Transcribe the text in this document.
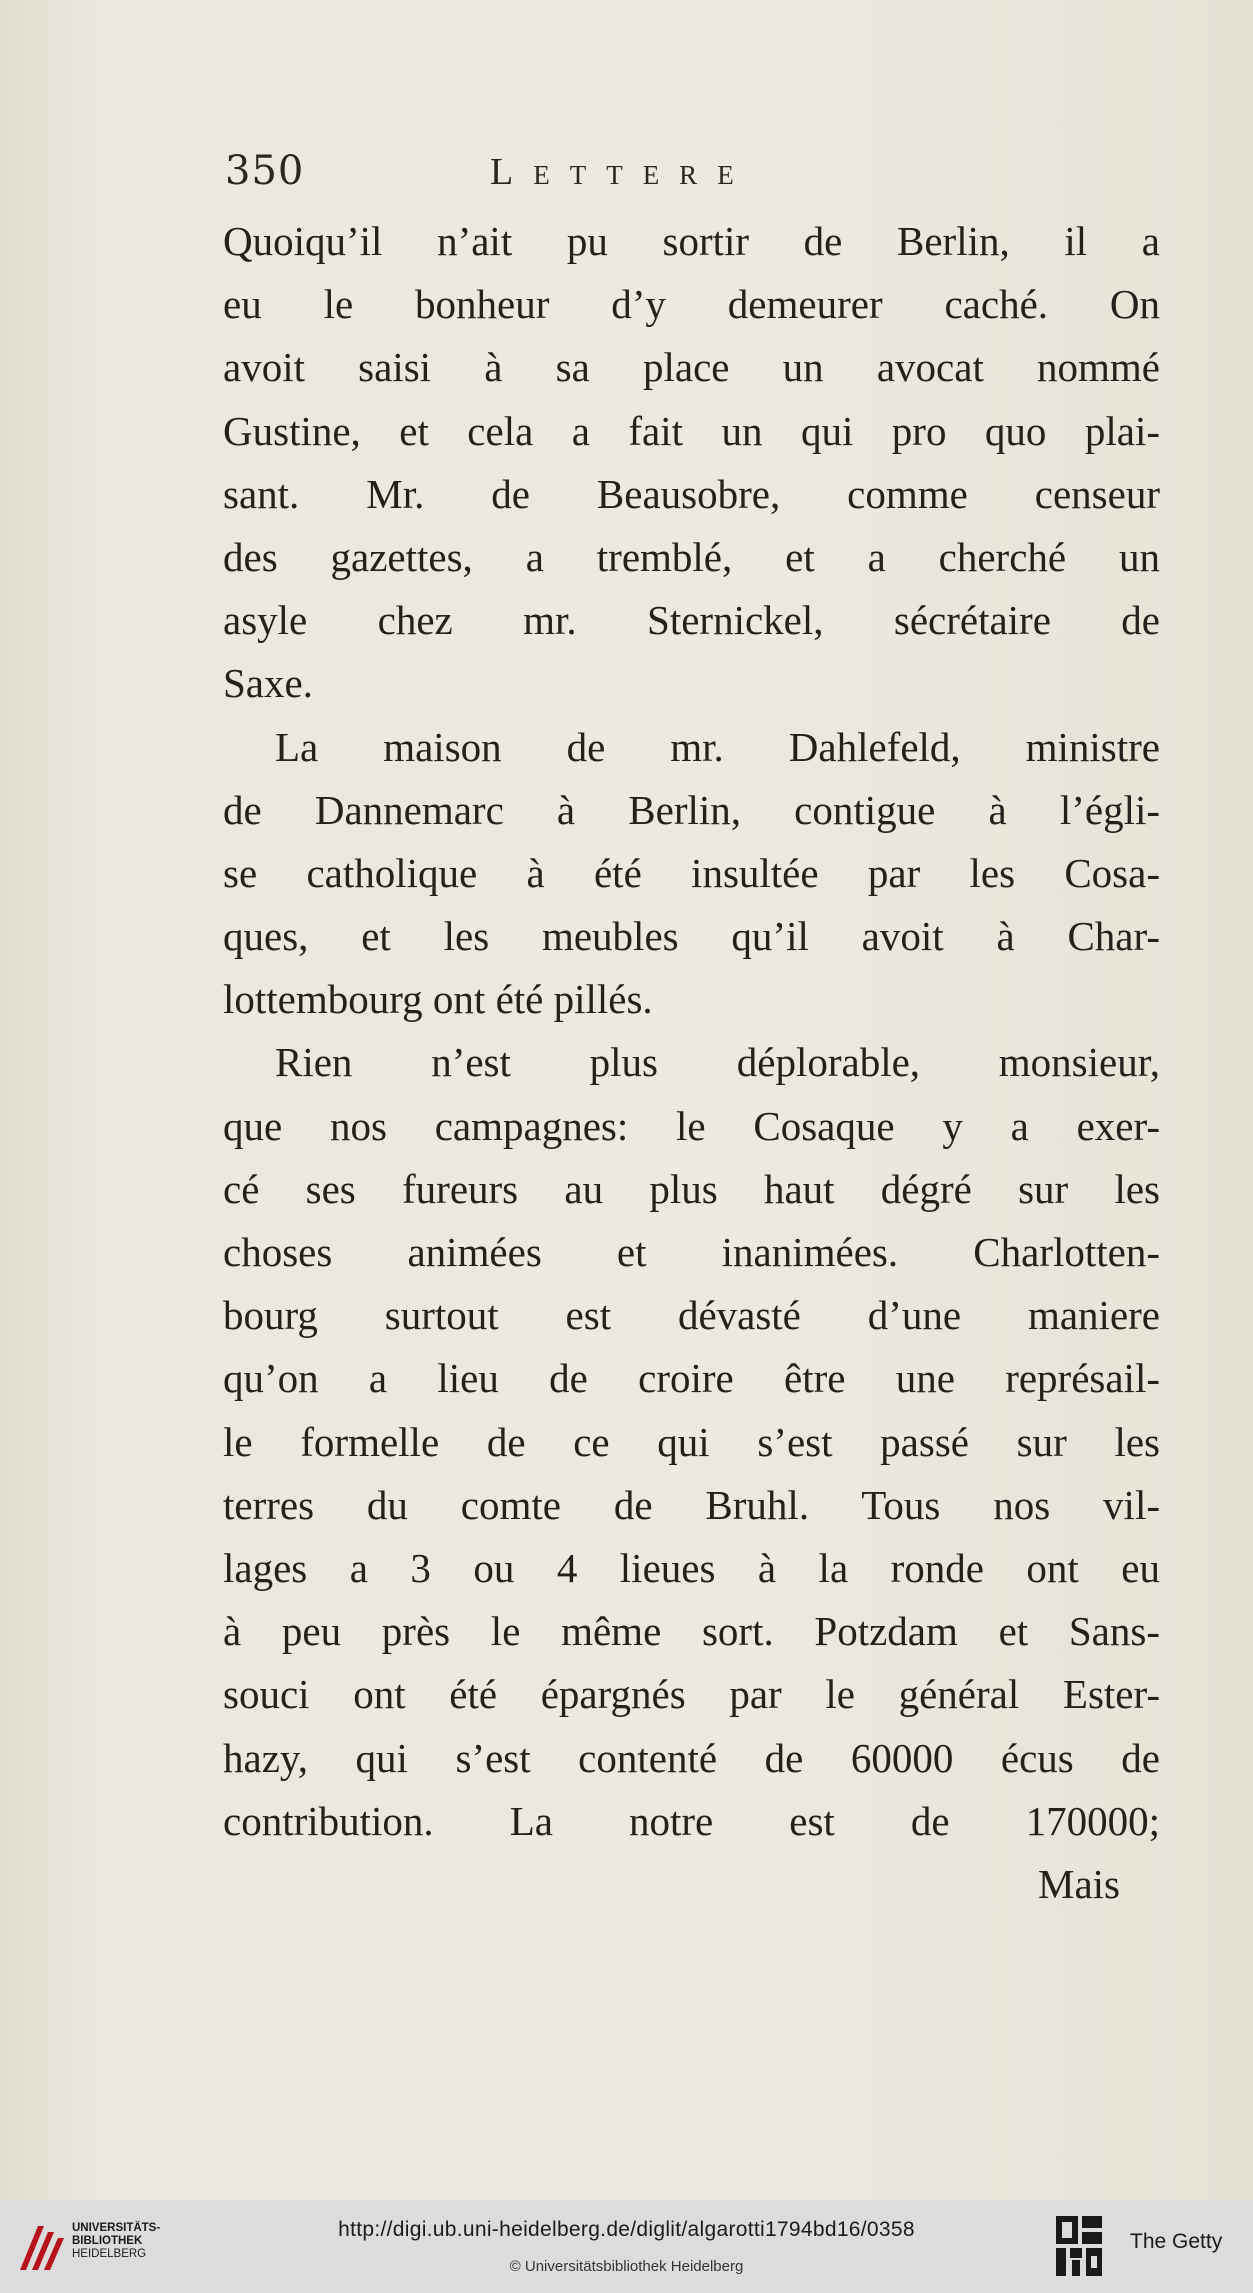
350	Lettere

Quoiqu’il n’ait pu sortir de Berlin, il a
eu le bonheur d’y demeurer caché. On
avoit saisi à sa place un avocat nommé
Gustine, et cela a fait un qui pro quo plai-
sant. Mr. de Beausobre, comme censeur
des gazettes, a tremblé, et a cherché un
asyle chez mr. Sternickel, sécrétaire de
Saxe.

La maison de mr. Dahlefeld, ministre
de Dannemarc à Berlin, contigue à l’égli-
se catholique à été insultée par les Cosa-
ques, et les meubles qu’il avoit à Char-
lottembourg ont été pillés.

Rien n’est plus déplorable, monsieur,
que nos campagnes: le Cosaque y a exer-
cé ses fureurs au plus haut dégré sur les
choses animées et inanimées. Charlotten-
bourg surtout est dévasté d’une maniere
qu’on a lieu de croire être une représail-
le formelle de ce qui s’est passé sur les
terres du comte de Bruhl. Tous nos vil-
lages a 3 ou 4 lieues à la ronde ont eu
à peu près le même sort. Potzdam et Sans-
souci ont été épargnés par le général Ester-
hazy, qui s’est contenté de 60000 écus de
contribution. La notre est de 170000;

Mais
UNIVERSITÄTS-
BIBLIOTHEK
HEIDELBERG
http://digi.ub.uni-heidelberg.de/diglit/algarotti1794bd16/0358
© Universitätsbibliothek Heidelberg
The Getty
